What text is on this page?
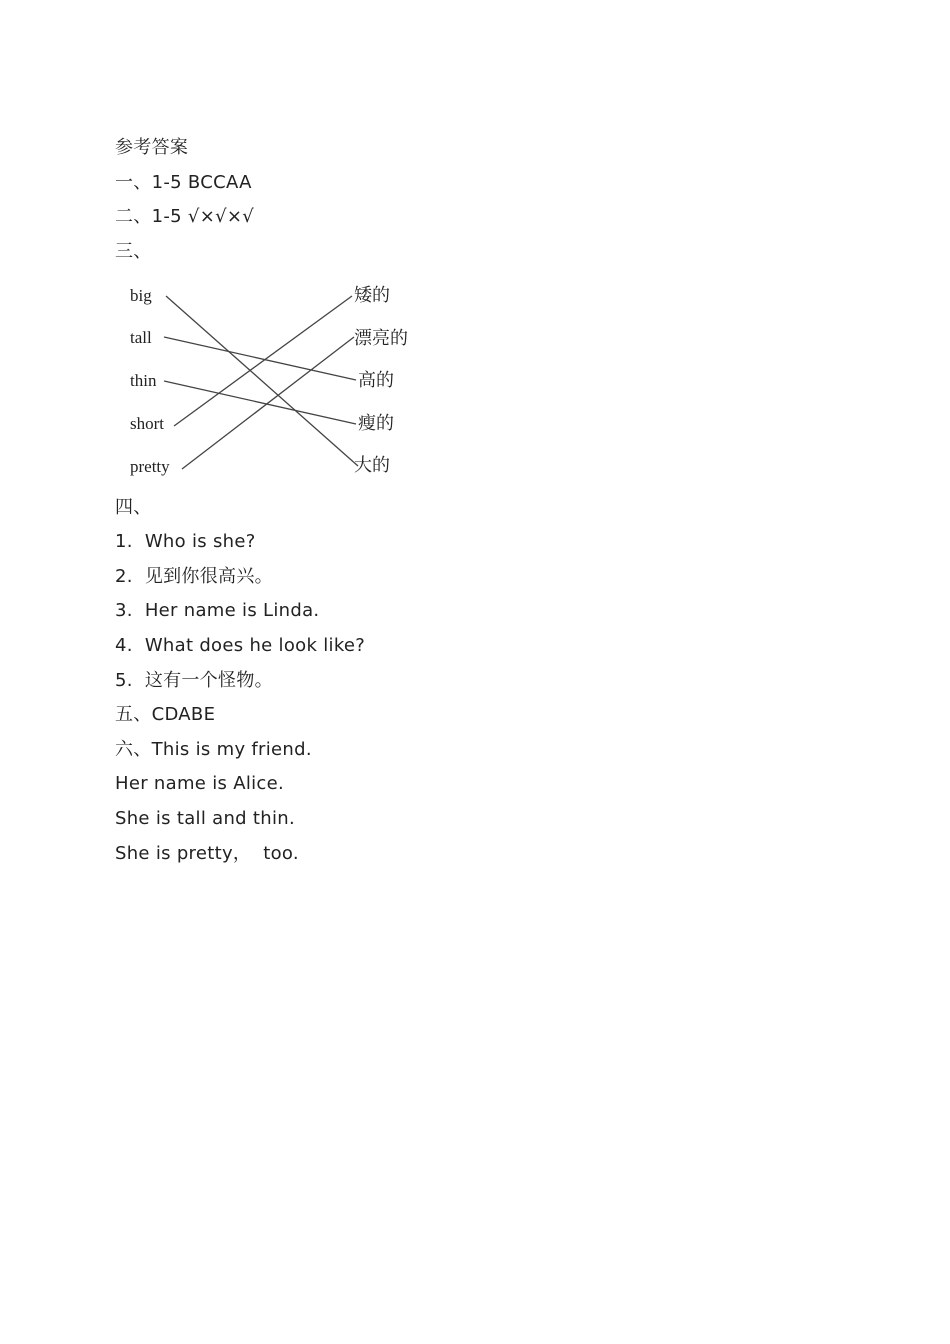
参考答案
一、1-5 BCCAA
二、1-5 √×√×√
三、
big
tall
thin
short
pretty
矮的
漂亮的
高的
瘦的
大的
四、
1.  Who is she?
2.  见到你很高兴。
3.  Her name is Linda.
4.  What does he look like?
5.  这有一个怪物。
五、CDABE
六、This is my friend.
Her name is Alice.
She is tall and thin.
She is pretty，  too.
